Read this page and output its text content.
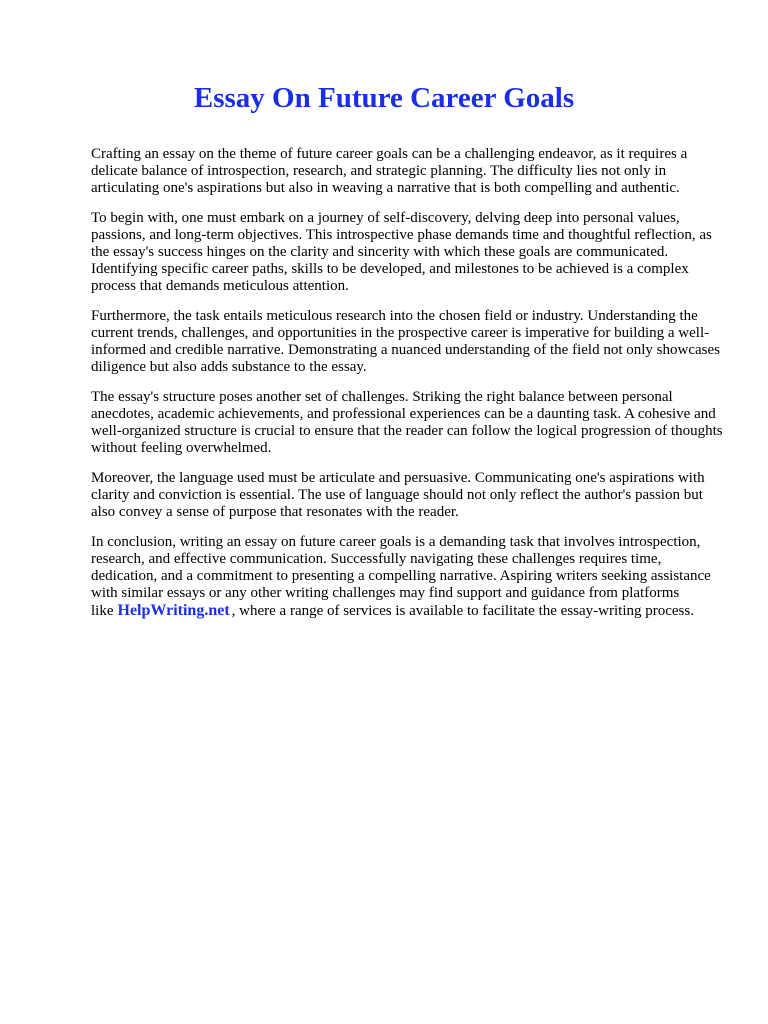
Essay On Future Career Goals

Crafting an essay on the theme of future career goals can be a challenging endeavor, as it requires a delicate balance of introspection, research, and strategic planning. The difficulty lies not only in articulating one's aspirations but also in weaving a narrative that is both compelling and authentic.

To begin with, one must embark on a journey of self-discovery, delving deep into personal values, passions, and long-term objectives. This introspective phase demands time and thoughtful reflection, as the essay's success hinges on the clarity and sincerity with which these goals are communicated. Identifying specific career paths, skills to be developed, and milestones to be achieved is a complex process that demands meticulous attention.

Furthermore, the task entails meticulous research into the chosen field or industry. Understanding the current trends, challenges, and opportunities in the prospective career is imperative for building a well-informed and credible narrative. Demonstrating a nuanced understanding of the field not only showcases diligence but also adds substance to the essay.

The essay's structure poses another set of challenges. Striking the right balance between personal anecdotes, academic achievements, and professional experiences can be a daunting task. A cohesive and well-organized structure is crucial to ensure that the reader can follow the logical progression of thoughts without feeling overwhelmed.

Moreover, the language used must be articulate and persuasive. Communicating one's aspirations with clarity and conviction is essential. The use of language should not only reflect the author's passion but also convey a sense of purpose that resonates with the reader.

In conclusion, writing an essay on future career goals is a demanding task that involves introspection, research, and effective communication. Successfully navigating these challenges requires time, dedication, and a commitment to presenting a compelling narrative. Aspiring writers seeking assistance with similar essays or any other writing challenges may find support and guidance from platforms like HelpWriting.net , where a range of services is available to facilitate the essay-writing process.
